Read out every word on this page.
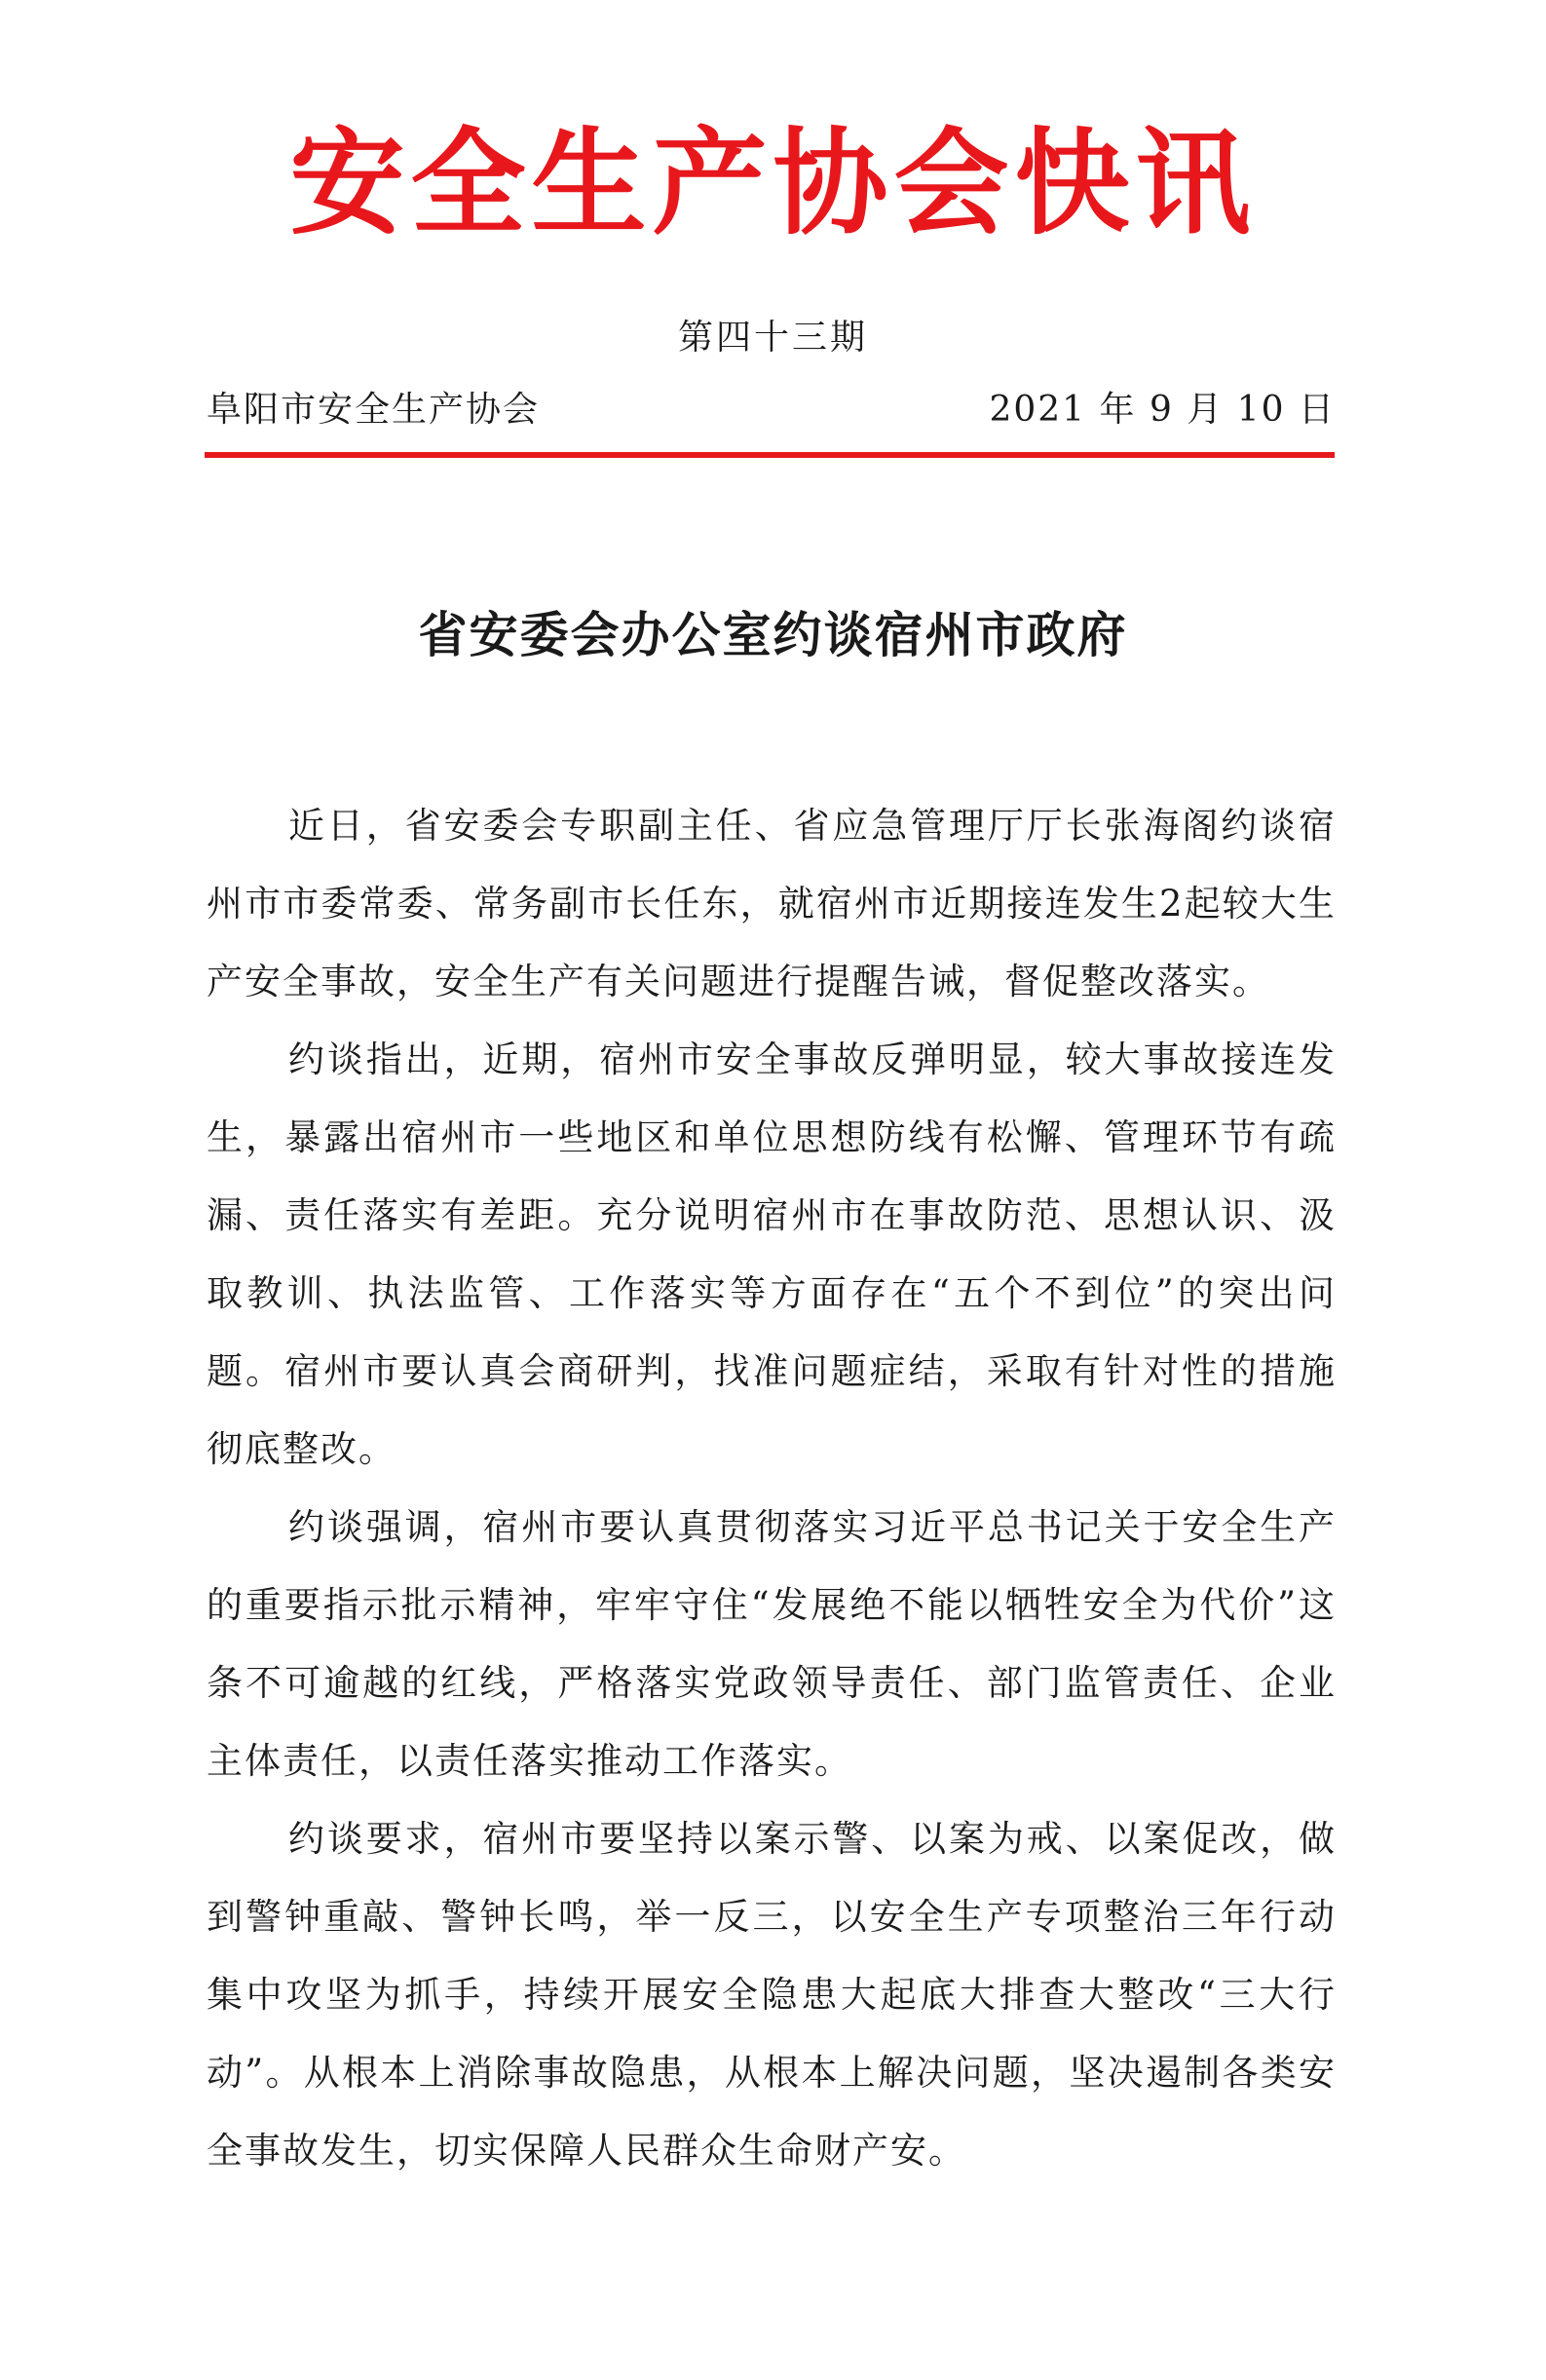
安全生产协会快讯
第四十三期
阜阳市安全生产协会	2021 年 9 月 10 日
省安委会办公室约谈宿州市政府

近日，省安委会专职副主任、省应急管理厅厅长张海阁约谈宿州市市委常委、常务副市长任东，就宿州市近期接连发生2起较大生产安全事故，安全生产有关问题进行提醒告诫，督促整改落实。

约谈指出，近期，宿州市安全事故反弹明显，较大事故接连发生，暴露出宿州市一些地区和单位思想防线有松懈、管理环节有疏漏、责任落实有差距。充分说明宿州市在事故防范、思想认识、汲取教训、执法监管、工作落实等方面存在“五个不到位”的突出问题。宿州市要认真会商研判，找准问题症结，采取有针对性的措施彻底整改。

约谈强调，宿州市要认真贯彻落实习近平总书记关于安全生产的重要指示批示精神，牢牢守住“发展绝不能以牺牲安全为代价”这条不可逾越的红线，严格落实党政领导责任、部门监管责任、企业主体责任，以责任落实推动工作落实。

约谈要求，宿州市要坚持以案示警、以案为戒、以案促改，做到警钟重敲、警钟长鸣，举一反三，以安全生产专项整治三年行动集中攻坚为抓手，持续开展安全隐患大起底大排查大整改“三大行动”。从根本上消除事故隐患，从根本上解决问题，坚决遏制各类安全事故发生，切实保障人民群众生命财产安。
